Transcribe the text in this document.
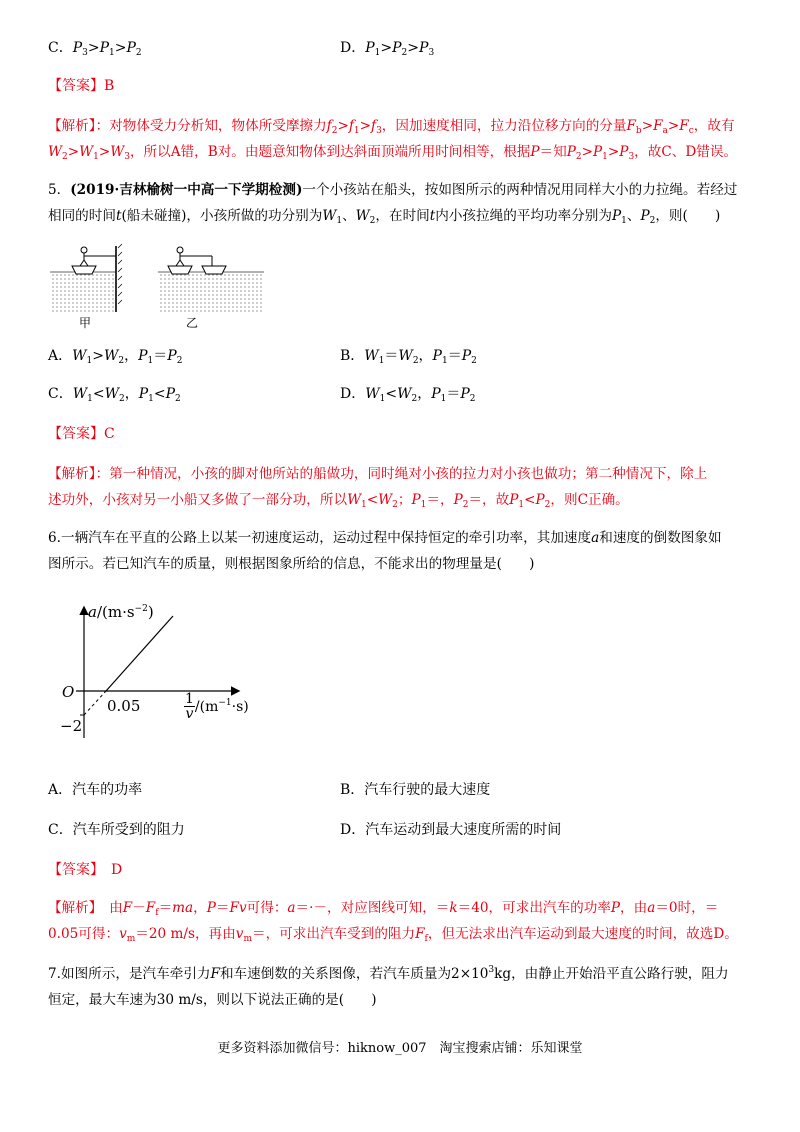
C．$P_3>P_1>P_2$	D．$P_1>P_2>P_3$
【答案】B
【解析】：对物体受力分析知，物体所受摩擦力$f_2>f_1>f_3$，因加速度相同，拉力沿位移方向的分量$F_b>F_a>F_c$，故有
$W_2>W_1>W_3$，所以A错，B对。由题意知物体到达斜面顶端所用时间相等，根据P＝知$P_2>P_1>P_3$，故C、D错误。
5．(2019·吉林榆树一中高一下学期检测)一个小孩站在船头，按如图所示的两种情况用同样大小的力拉绳。若经过
相同的时间t(船未碰撞)，小孩所做的功分别为$W_1$、$W_2$，在时间t内小孩拉绳的平均功率分别为$P_1$、$P_2$，则(　　)
甲	乙
A．$W_1>W_2$，$P_1=P_2$	B．$W_1=W_2$，$P_1=P_2$
C．$W_1<W_2$，$P_1<P_2$	D．$W_1<W_2$，$P_1=P_2$
【答案】C
【解析】：第一种情况，小孩的脚对他所站的船做功，同时绳对小孩的拉力对小孩也做功；第二种情况下，除上
述功外，小孩对另一小船又多做了一部分功，所以$W_1<W_2$；$P_1=$，$P_2=$，故$P_1<P_2$，则C正确。
6.一辆汽车在平直的公路上以某一初速度运动，运动过程中保持恒定的牵引功率，其加速度a和速度的倒数图象如
图所示。若已知汽车的质量，则根据图象所给的信息，不能求出的物理量是(　　)
$a/(m\cdot s^{-2})$
O
0.05
−2
$\frac{1}{v} /(m^{-1}\cdot s)$
A．汽车的功率	B．汽车行驶的最大速度
C．汽车所受到的阻力	D．汽车运动到最大速度所需的时间
【答案】　D
【解析】　由$F-F_f=ma$，P＝Fv可得：a＝·－，对应图线可知，＝k＝40，可求出汽车的功率P，由a＝0时，＝
0.05可得：$v_m=20$ m/s，再由$v_m=$，可求出汽车受到的阻力$F_f$，但无法求出汽车运动到最大速度的时间，故选D。
7.如图所示，是汽车牵引力F和车速倒数的关系图像，若汽车质量为$2\times 10^3kg$，由静止开始沿平直公路行驶，阻力
恒定，最大车速为30 m/s，则以下说法正确的是(　　)
更多资料添加微信号：hiknow_007　淘宝搜索店铺：乐知课堂
